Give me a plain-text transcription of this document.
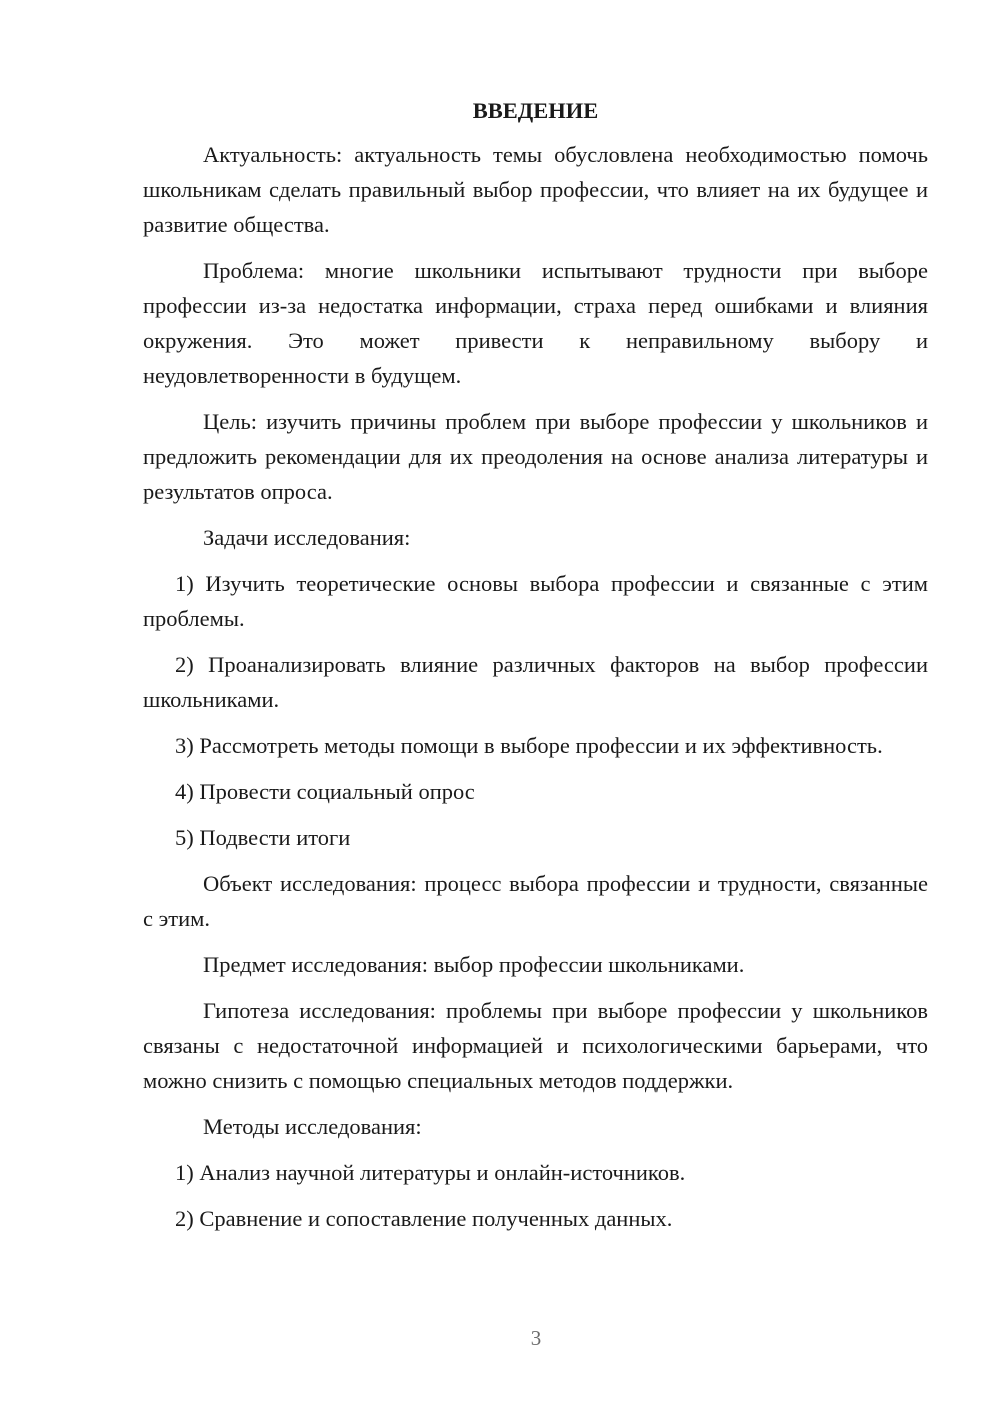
ВВЕДЕНИЕ

Актуальность: актуальность темы обусловлена необходимостью помочь школьникам сделать правильный выбор профессии, что влияет на их будущее и развитие общества.

Проблема: многие школьники испытывают трудности при выборе профессии из-за недостатка информации, страха перед ошибками и влияния окружения. Это может привести к неправильному выбору и неудовлетворенности в будущем.

Цель: изучить причины проблем при выборе профессии у школьников и предложить рекомендации для их преодоления на основе анализа литературы и результатов опроса.

Задачи исследования:

1) Изучить теоретические основы выбора профессии и связанные с этим проблемы.

2) Проанализировать влияние различных факторов на выбор профессии школьниками.

3) Рассмотреть методы помощи в выборе профессии и их эффективность.

4) Провести социальный опрос

5) Подвести итоги

Объект исследования: процесс выбора профессии и трудности, связанные с этим.

Предмет исследования: выбор профессии школьниками.

Гипотеза исследования: проблемы при выборе профессии у школьников связаны с недостаточной информацией и психологическими барьерами, что можно снизить с помощью специальных методов поддержки.

Методы исследования:

1) Анализ научной литературы и онлайн-источников.

2) Сравнение и сопоставление полученных данных.

3
